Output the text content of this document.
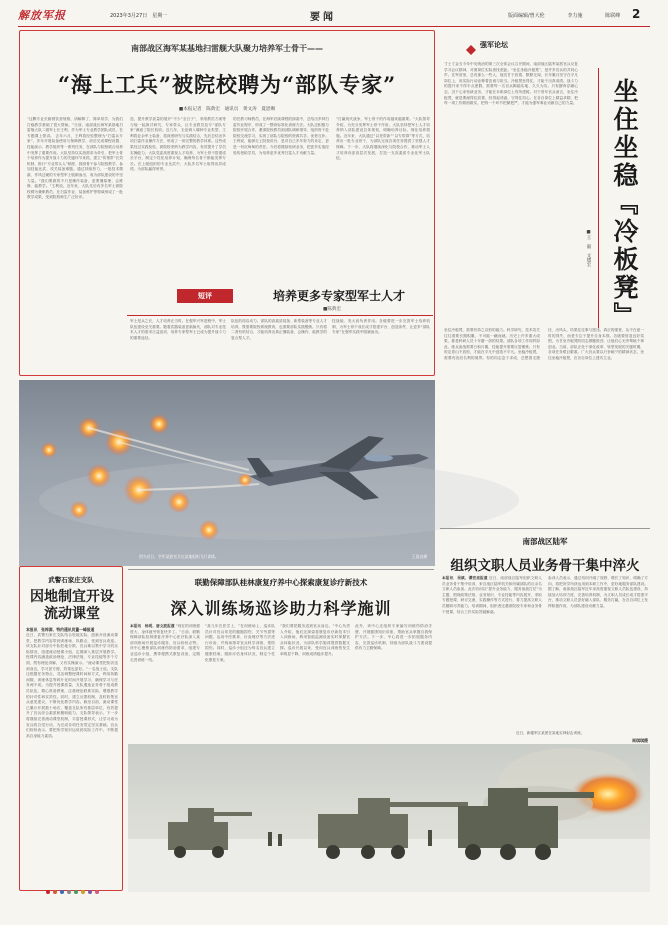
解放军报	2023年3月27日　星期一	要闻	版面编辑/曾大伦	李力施	陈联峰 2
南部战区海军某基地扫雷舰大队聚力培养军士骨干——
“海上工兵”被院校聘为“部队专家”
■本报记者　陈典宏　通讯员　黄文涛　夏恩赐
“这颗专业长廊餐饮营规格，请解释了，简单易学，为我们打稳教学基础了很大帮助。”日前，南部战区海军某基地扫雷舰大队二级军士长王利，作为军士专业教学团队成员，在专题课上领讲。 去年六月，王利将经验整理为“扫雷兵专家”，多年开展装备使用与保障教学，前后完成课程设置、技能演示、教学组织等一系列任务，在部队与院校联合培养中发挥了重要作用。大队坚持以实战需求为牵引，把军士骨干培养作为提升战斗力的关键环节来抓，建立“传帮带”长效机制，推行“专业带头人”制度，鼓励骨干参与院校教学、参加技能比武、攻关装备难题。通过持续努力，一批技术精湛、作风过硬的专家型军士脱颖而出，成为部队建设的中坚力量。“我们要做的不只是操作装备，更要懂原理、会维修、能教学。”王利说。近年来，大队先后有多名军士被院校聘为兼职教员，在扫雷作业、装备维护等领域形成了一批教学成果，受到院校师生广泛好评。
造，提升教学质量的展开“不少”全日子”，采纸教员方案等与他一起探讨研究，专家带头，让专业教员及专“部队专家”满意了院长验收。近几年，无论调入哪种专业类型，王利将业余军士装备，将深度研究与实践结合，先后总结出多项扫雷作业操作方法，形成了一套完整的教学体系。这些成果经过实践检验，被院校采纳为教学内容，有效提升了学员实操能力。大队党委高度重视人才培养，为军士骨干搭建成长平台，制定个性化培养计划，确保每名骨干都能发挥专长。在上级组织的专业比武中，大队多名军士取得优异成绩，为部队赢得荣誉。
的任教习师教员，在海军后续课程的探索中，总结出多种扫雷作业程序，形成了一整套标准化训练方法。大队还积极与院校开展合作，邀请院校教员到部队调研指导，组织骨干赴院校交流学习，实现了部队与院校的资源共享、优势互补。王利说，能够走上院校讲台，是对自己多年努力的肯定，更是一份沉甸甸的责任。今后将继续钻研业务，把更多实战经验传授给学员，为培养更多优秀扫雷人才贡献力量。
“打赢现代战争，军士骨干的作用越来越重要。”大队领导介绍，为充分发挥军士骨干作用，大队坚持把军士人才培养纳入部队建设总体规划，明确培养目标，细化培养措施。近年来，大队通过“以老带新”“以专带群”等方式，培养出一批专业骨干，为部队完成各项任务提供了坚强人才保障。下一步，大队将继续深化与院校合作，推动军士人才培养向更高层次发展，打造一支高素质专业化军士队伍。
短评	培养更多专家型军士人才
■陈典宏
军士是兵之长，人才培养正当时。在强军兴军进程中，军士队伍建设至关重要。随着武器装备更新换代，部队对专业技术人才的需求日益迫切，培养专家型军士已成为提升战斗力的重要途径。
队伍的再启动力。部队的高素质装备、新型装备等专业人才培养，既需要院校系统教育，也需要部队实践锻炼。只有将二者有机结合，才能培养出真正懂装备、会操作、能教学的复合型人才。
技战能、发大肩负者作用。各级要进一步完善军士培养机制，为军士骨干成长成才搭建平台、创造条件，让更多“部队专家”在强军实践中脱颖而出。
强军论坛
坐住坐稳『冷板凳』
■王　毅　文德宏
寸土寸金当今年中央统治的第三次全体会议召开期间，南部战区陆军某旅官兵反复学习会议精神，对照岗位实际查找差距。“坐住坐稳冷板凳”，是许多官兵的共同心声。在军营里，总有那么一些人，他们甘于寂寞、默默无闻，长年累月坚守在平凡岗位上，用实际行动诠释着忠诚与担当。冷板凳坐得住，才能干出真成绩。战斗力的提升来不得半点虚假，需要每一名官兵脚踏实地、久久为功。只有摒弃浮躁心态，沉下心来钻研业务，才能在本职岗位上有所建树。对于青年官兵而言，坐住冷板凳，就是要耐得住寂寞、经得起诱惑、守得住初心。在各自岗位上精益求精，把每一项工作做细做实，把每一个环节把紧把严，才能为强军事业贡献自己的力量。
坐住冷板凳，需要有持之以恒的毅力。科学研究、技术攻关往往需要长期积累，不可能一蹴而就。历史上许多重大成果，都是科研人员十年磨一剑的结果。部队各项工作同样如此，练兵备战需要日积月累，技能提升需要反复锤炼。只有咬定青山不放松，才能在平凡中创造不平凡。坐稳冷板凳，需要有淡泊名利的境界。有的同志急于求成，总想着走捷径、出风头，结果往往事与愿违。真正的强者，从不在意一时的得失，而是专注于提升自身本领。各级要营造良好氛围，为甘坐冷板凳的同志撑腰鼓劲，让他们心无旁骛地干事创业。当前，部队正处于深化改革、转型发展的关键时期，各项任务艰巨繁重。广大官兵要以只争朝夕的精神状态，坐住坐稳冷板凳，在各自岗位上建功立业。
图为近日，空军某旅官兵在某地组织飞行训练。	王国良摄
武警石家庄支队
因地制宜开设流动课堂
本报讯　张梓源、特约通讯员董一峰报道
近日，武警石家庄支队结合驻地实际，创新开设流动课堂，把教学内容带到训练场、执勤点，受到官兵欢迎。该支队针对部分中队驻地分散、官兵难以集中学习的实际情况，组建流动授课小组，定期深入基层开展教学。授课内容涵盖政治理论、法律法规、专业技能等多个方面，既有理论讲解，又有实操演示。“流动课堂把知识送到身边，学习更方便，效果也更好。”一名战士说。支队还根据任务特点，灵活调整授课时间和方式，利用执勤间隙、训练休息等碎片化时间开展学习，确保学习与任务两不误。为提升授课质量，支队遴选业务骨干组成教员队伍，精心准备教案，注重理论联系实际，增强教学的针对性和实效性。同时，建立反馈机制，及时收集官兵意见建议，不断优化教学内容。截至目前，流动课堂已累计开展数十场次，覆盖支队所有基层单位，有效提升了官兵综合素质和履职能力。支队领导表示，下一步将继续完善流动课堂机制，丰富授课形式，让学习成为官兵的自觉行动，为完成各项任务奠定坚实基础。官兵们纷纷表示，要把所学知识运用到实际工作中，不断提高自身能力素质。
联勤保障部队桂林康复疗养中心探索康复诊疗新技术
深入训练场巡诊助力科学施训
本报讯　杨玥、唐文波报道 “现在的训练强度大，身体疲劳恢复快多了。”日前，联勤保障部队桂林康复疗养中心医疗队深入某部训练场开展巡诊服务，官兵纷纷点赞。该中心聚焦部队训练伤防治需求，组建专业巡诊小组，携带便携式康复设备，定期走进训练一线。
“甚几年在医学上，”在训练场上，巡诊队员针对官兵常见的腰腿损伤、关节劳损等问题，运用中医推拿、针灸理疗等方法进行诊治，并现场指导官兵科学训练、预防损伤。同时，巡诊小组还为每名官兵建立健康档案，跟踪评估身体状况，制定个性化康复方案。
“我们要把服务送到官兵身边。”中心负责人介绍，他们还探索将康复诊疗新技术引入训练场，利用智能监测设备实时掌握官兵体能状况，为部队科学施训提供数据支撑。巡诊开展以来，受训官兵训练伤发生率明显下降，训练成绩稳步提升。
此外，该中心还组织专家编写训练伤防治手册，开展健康知识讲座，帮助官兵掌握自我保护方法。下一步，中心将进一步拓展服务内容，完善巡诊机制，持续为部队战斗力建设提供有力卫勤保障。
南部战区陆军
组织文职人员业务骨干集中淬火
本报讯　吴斌、谭宏亮报道 近日，南部战区陆军组织文职人员业务骨干集中培训，来自战区陆军机关和所属部队的百余名文职人员参加。此次培训以“提升业务能力、服务备战打仗”为主题，围绕政策法规、业务知识、专业技能等内容展开，采取专题授课、研讨交流、实践操作等方式进行，着力提高文职人员履职尽责能力。培训期间，组织者还邀请院校专家和业务骨干授课，结合工作实际答疑解惑。
参训人员表示，通过培训开阔了视野、增长了知识、明确了方向，将把所学所获运用到本职工作中，更好地服务部队建设。据了解，南部战区陆军近年来高度重视文职人员队伍建设，持续加大培训力度，完善培养机制，为文职人员成长成才搭建平台，推动文职人员更好融入部队、服务打赢，在各自岗位上发挥积极作用，为部队建设贡献力量。
近日，新疆军区某团在某地实弹射击训练。
周琪琪摄
